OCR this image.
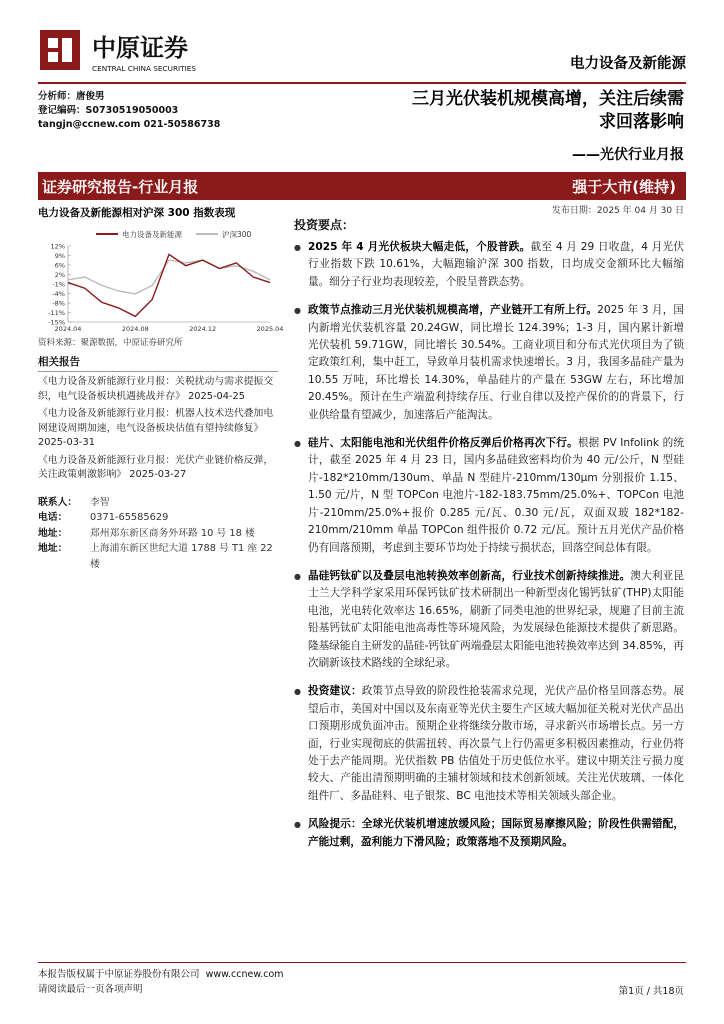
中原证券
CENTRAL CHINA SECURITIES	电力设备及新能源
分析师：唐俊男
登记编码：S0730519050003
tangjn@ccnew.com 021-50586738
三月光伏装机规模高增，关注后续需
求回落影响
——光伏行业月报
证券研究报告-行业月报	强于大市(维持)
发布日期：2025 年 04 月 30 日
电力设备及新能源相对沪深 300 指数表现
电力设备及新能源	沪深300
12%
9%
6%
2%
-1%
-4%
-8%
-11%
-15%
2024.04	2024.08	2024.12	2025.04
资料来源：聚源数据，中原证券研究所
相关报告
《电力设备及新能源行业月报：关税扰动与需求提振交织，电气设备板块机遇挑战并存》 2025-04-25
《电力设备及新能源行业月报：机器人技术迭代叠加电网建设周期加速，电气设备板块估值有望持续修复》 2025-03-31
《电力设备及新能源行业月报：光伏产业链价格反弹，关注政策刺激影响》 2025-03-27
联系人：	李智
电话：	0371-65585629
地址：	郑州郑东新区商务外环路 10 号 18 楼
地址：	上海浦东新区世纪大道 1788 号 T1 座 22 楼
投资要点：
● 2025 年 4 月光伏板块大幅走低，个股普跌。截至 4 月 29 日收盘，4 月光伏行业指数下跌 10.61%，大幅跑输沪深 300 指数，日均成交金额环比大幅缩量。细分子行业均表现较差，个股呈普跌态势。
● 政策节点推动三月光伏装机规模高增，产业链开工有所上行。2025 年 3 月，国内新增光伏装机容量 20.24GW，同比增长 124.39%；1-3 月，国内累计新增光伏装机 59.71GW，同比增长 30.54%。工商业项目和分布式光伏项目为了锁定政策红利，集中赶工，导致单月装机需求快速增长。3 月，我国多晶硅产量为 10.55 万吨，环比增长 14.30%，单晶硅片的产量在 53GW 左右，环比增加 20.45%。预计在生产端盈利持续存压、行业自律以及控产保价的的背景下，行业供给量有望减少，加速落后产能淘汰。
● 硅片、太阳能电池和光伏组件价格反弹后价格再次下行。根据 PV Infolink 的统计，截至 2025 年 4 月 23 日，国内多晶硅致密料均价为 40 元/公斤，N 型硅片-182*210mm/130um、单晶 N 型硅片-210mm/130μm 分别报价 1.15、1.50 元/片，N 型 TOPCon 电池片-182-183.75mm/25.0%+、TOPCon 电池片-210mm/25.0%+报价 0.285 元/瓦、0.30 元/瓦，双面双玻 182*182-210mm/210mm 单晶 TOPCon 组件报价 0.72 元/瓦。预计五月光伏产品价格仍有回落预期，考虑到主要环节均处于持续亏损状态，回落空间总体有限。
● 晶硅钙钛矿以及叠层电池转换效率创新高，行业技术创新持续推进。澳大利亚昆士兰大学科学家采用环保钙钛矿技术研制出一种新型卤化锡钙钛矿(THP)太阳能电池，光电转化效率达 16.65%，刷新了同类电池的世界纪录，规避了目前主流铅基钙钛矿太阳能电池高毒性等环境风险，为发展绿色能源技术提供了新思路。隆基绿能自主研发的晶硅-钙钛矿两端叠层太阳能电池转换效率达到 34.85%，再次刷新该技术路线的全球纪录。
● 投资建议：政策节点导致的阶段性抢装需求兑现，光伏产品价格呈回落态势。展望后市，美国对中国以及东南亚等光伏主要生产区域大幅加征关税对光伏产品出口预期形成负面冲击。预期企业将继续分散市场，寻求新兴市场增长点。另一方面，行业实现彻底的供需扭转、再次景气上行仍需更多积极因素推动，行业仍将处于去产能周期。光伏指数 PB 估值处于历史低位水平。建议中期关注亏损力度较大、产能出清预期明确的主辅材领域和技术创新领域。关注光伏玻璃、一体化组件厂、多晶硅料、电子银浆、BC 电池技术等相关领域头部企业。
● 风险提示：全球光伏装机增速放缓风险；国际贸易摩擦风险；阶段性供需错配，产能过剩，盈利能力下滑风险；政策落地不及预期风险。
本报告版权属于中原证券股份有限公司 www.ccnew.com
请阅读最后一页各项声明	第1页 / 共18页
